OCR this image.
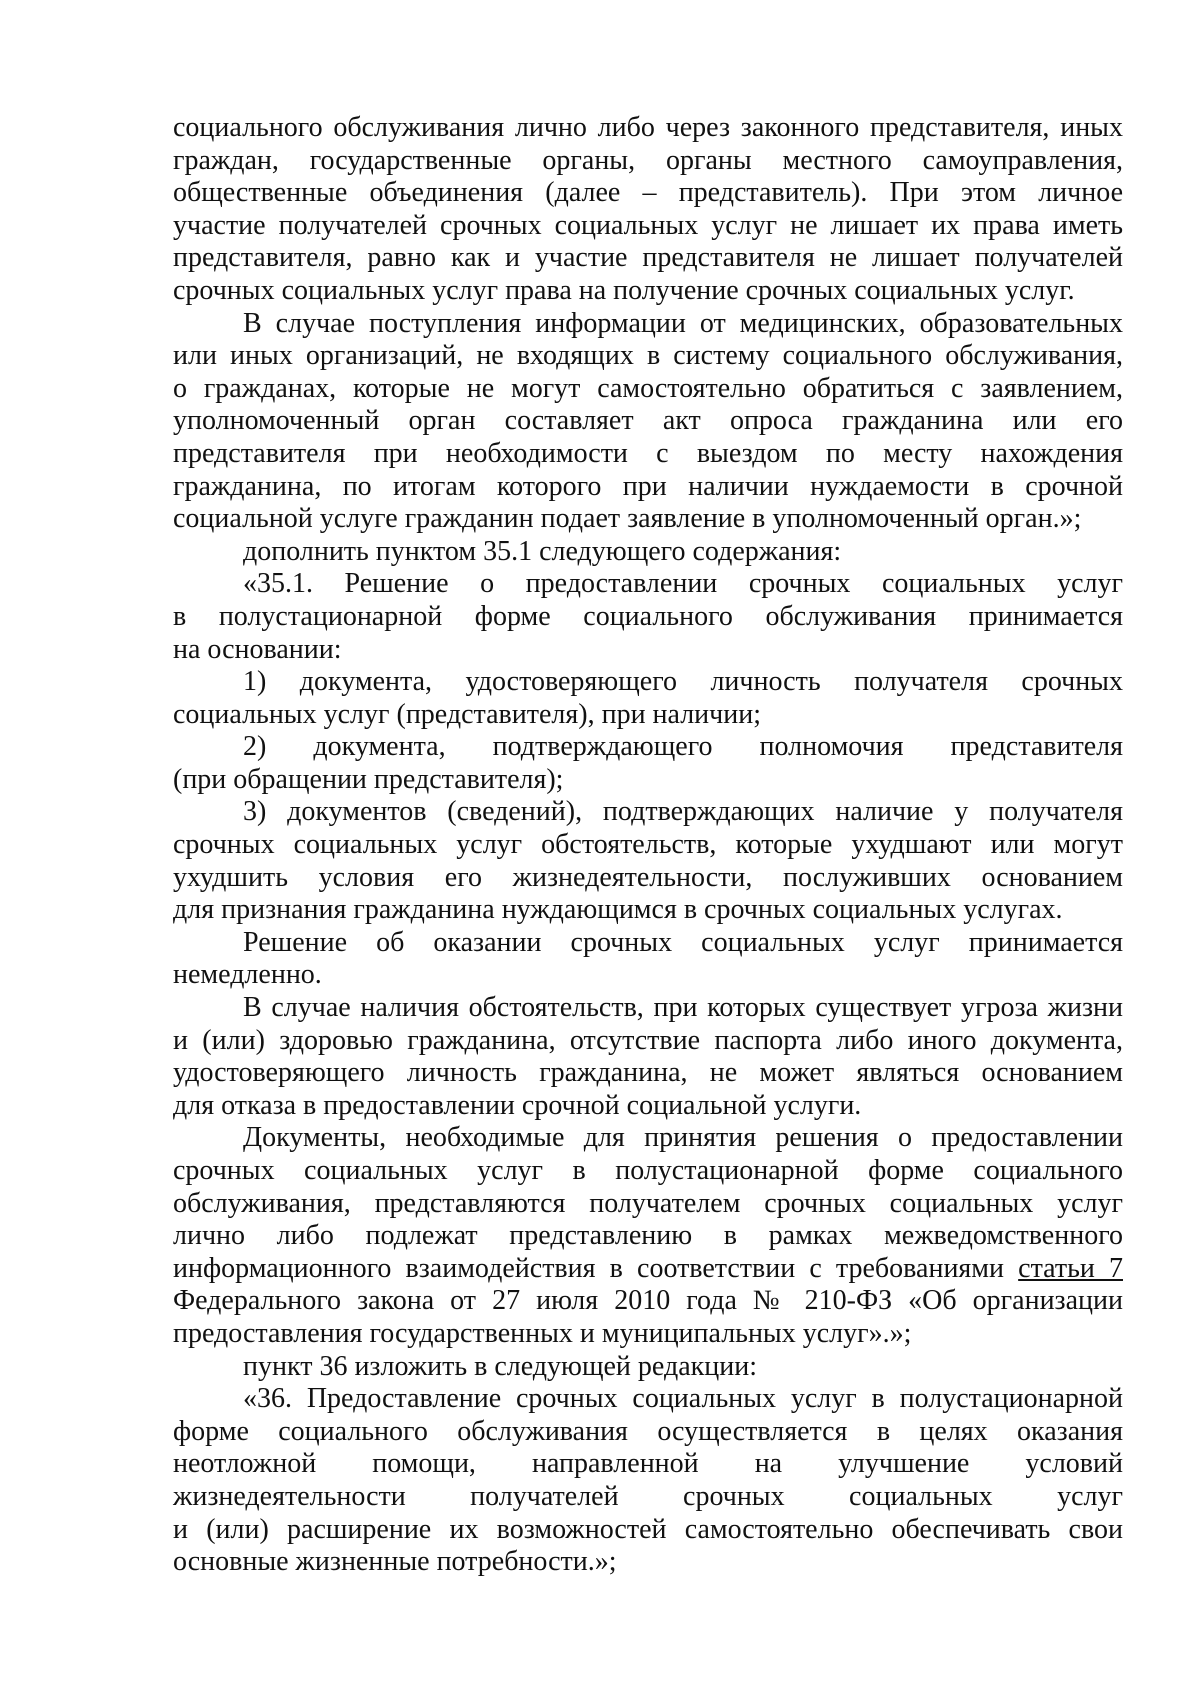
социального обслуживания лично либо через законного представителя, иных
граждан, государственные органы, органы местного самоуправления,
общественные объединения (далее – представитель). При этом личное
участие получателей срочных социальных услуг не лишает их права иметь
представителя, равно как и участие представителя не лишает получателей
срочных социальных услуг права на получение срочных социальных услуг.
В случае поступления информации от медицинских, образовательных
или иных организаций, не входящих в систему социального обслуживания,
о гражданах, которые не могут самостоятельно обратиться с заявлением,
уполномоченный орган составляет акт опроса гражданина или его
представителя при необходимости с выездом по месту нахождения
гражданина, по итогам которого при наличии нуждаемости в срочной
социальной услуге гражданин подает заявление в уполномоченный орган.»;
дополнить пунктом 35.1 следующего содержания:
«35.1. Решение о предоставлении срочных социальных услуг
в полустационарной форме социального обслуживания принимается
на основании:
1) документа, удостоверяющего личность получателя срочных
социальных услуг (представителя), при наличии;
2) документа, подтверждающего полномочия представителя
(при обращении представителя);
3) документов (сведений), подтверждающих наличие у получателя
срочных социальных услуг обстоятельств, которые ухудшают или могут
ухудшить условия его жизнедеятельности, послуживших основанием
для признания гражданина нуждающимся в срочных социальных услугах.
Решение об оказании срочных социальных услуг принимается
немедленно.
В случае наличия обстоятельств, при которых существует угроза жизни
и (или) здоровью гражданина, отсутствие паспорта либо иного документа,
удостоверяющего личность гражданина, не может являться основанием
для отказа в предоставлении срочной социальной услуги.
Документы, необходимые для принятия решения о предоставлении
срочных социальных услуг в полустационарной форме социального
обслуживания, представляются получателем срочных социальных услуг
лично либо подлежат представлению в рамках межведомственного
информационного взаимодействия в соответствии с требованиями статьи 7
Федерального закона от 27 июля 2010 года № 210-ФЗ «Об организации
предоставления государственных и муниципальных услуг».»;
пункт 36 изложить в следующей редакции:
«36. Предоставление срочных социальных услуг в полустационарной
форме социального обслуживания осуществляется в целях оказания
неотложной помощи, направленной на улучшение условий
жизнедеятельности получателей срочных социальных услуг
и (или) расширение их возможностей самостоятельно обеспечивать свои
основные жизненные потребности.»;
